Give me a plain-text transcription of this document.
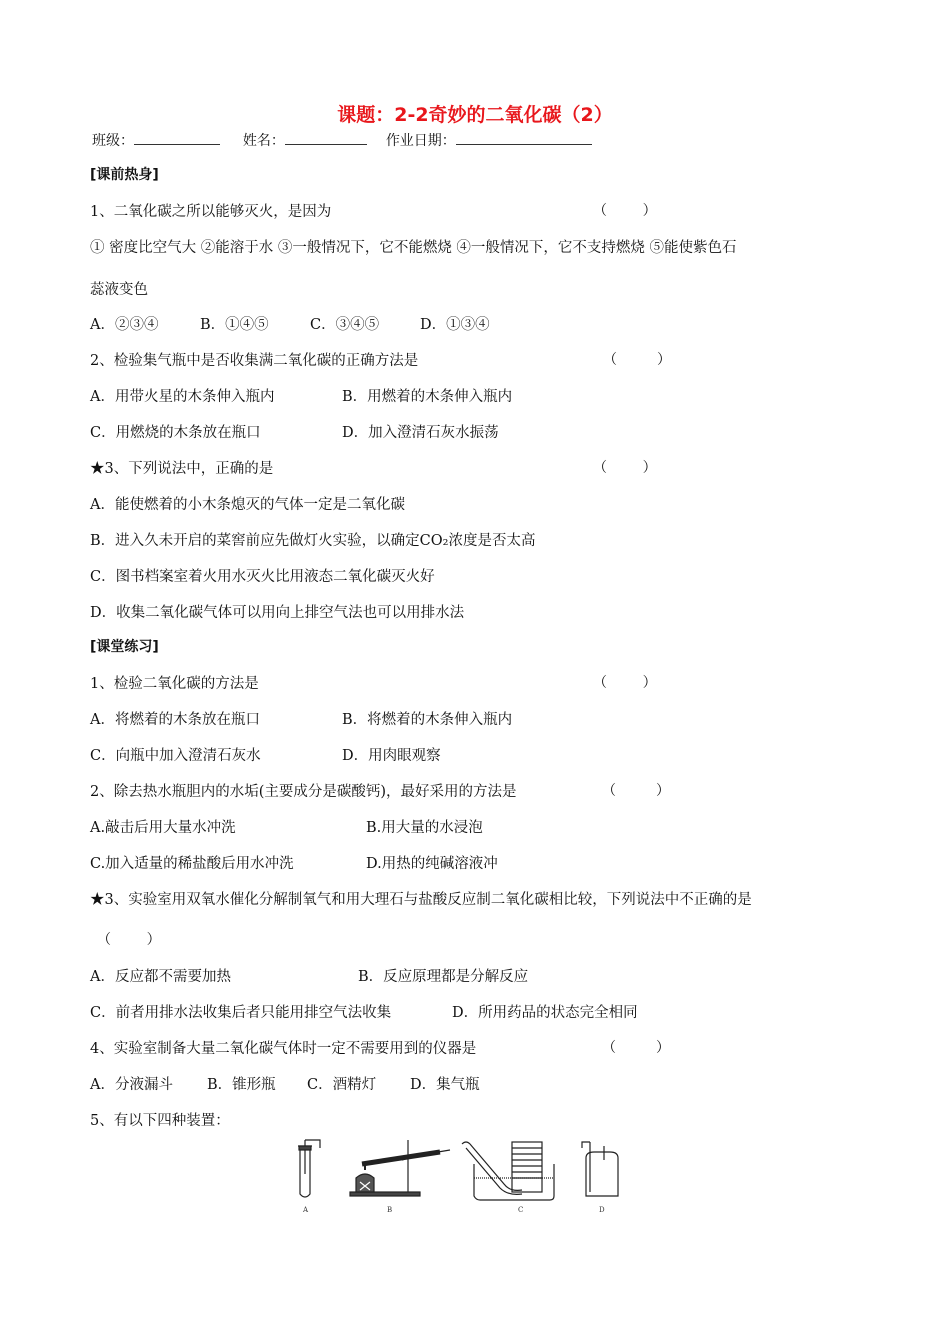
课题：2-2奇妙的二氧化碳（2）
班级：	姓名：	作业日期：
[课前热身]
1、二氧化碳之所以能够灭火，是因为	（        ）
① 密度比空气大 ②能溶于水 ③一般情况下，它不能燃烧 ④一般情况下，它不支持燃烧 ⑤能使紫色石
蕊液变色
A．②③④	B．①④⑤	C．③④⑤	D．①③④
2、检验集气瓶中是否收集满二氧化碳的正确方法是	（         ）
A．用带火星的木条伸入瓶内	B．用燃着的木条伸入瓶内
C．用燃烧的木条放在瓶口	D．加入澄清石灰水振荡
★3、下列说法中，正确的是	（        ）
A．能使燃着的小木条熄灭的气体一定是二氧化碳
B．进入久未开启的菜窖前应先做灯火实验，以确定CO₂浓度是否太高
C．图书档案室着火用水灭火比用液态二氧化碳灭火好
D．收集二氧化碳气体可以用向上排空气法也可以用排水法
[课堂练习]
1、检验二氧化碳的方法是	（        ）
A．将燃着的木条放在瓶口	B．将燃着的木条伸入瓶内
C．向瓶中加入澄清石灰水	D．用肉眼观察
2、除去热水瓶胆内的水垢(主要成分是碳酸钙)，最好采用的方法是	（         ）
A.敲击后用大量水冲洗	B.用大量的水浸泡
C.加入适量的稀盐酸后用水冲洗	D.用热的纯碱溶液冲
★3、实验室用双氧水催化分解制氧气和用大理石与盐酸反应制二氧化碳相比较，下列说法中不正确的是
（        ）
A．反应都不需要加热	B．反应原理都是分解反应
C．前者用排水法收集后者只能用排空气法收集	D．所用药品的状态完全相同
4、实验室制备大量二氧化碳气体时一定不需要用到的仪器是	（         ）
A．分液漏斗 B．锥形瓶 C．酒精灯 D．集气瓶
5、有以下四种装置：
A	B	C	D
